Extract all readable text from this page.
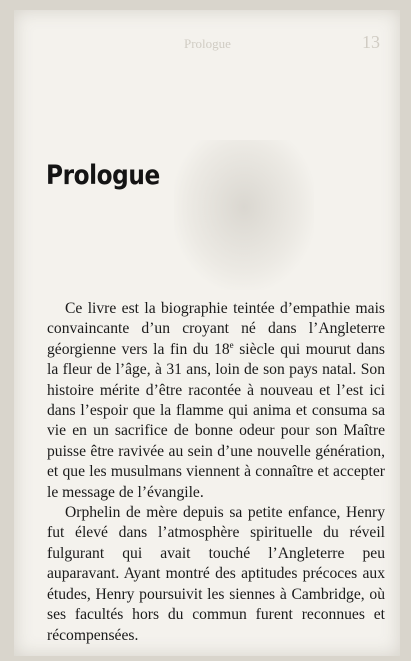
Prologue	13
Prologue

Ce livre est la biographie teintée d’empathie mais convaincante d’un croyant né dans l’Angleterre géorgienne vers la fin du 18e siècle qui mourut dans la fleur de l’âge, à 31 ans, loin de son pays natal. Son histoire mérite d’être racontée à nouveau et l’est ici dans l’espoir que la flamme qui anima et consuma sa vie en un sacrifice de bonne odeur pour son Maître puisse être ravivée au sein d’une nouvelle génération, et que les musulmans viennent à connaître et accepter le message de l’évangile.

Orphelin de mère depuis sa petite enfance, Henry fut élevé dans l’atmosphère spirituelle du réveil fulgurant qui avait touché l’Angleterre peu auparavant. Ayant montré des aptitudes précoces aux études, Henry poursuivit les siennes à Cambridge, où ses facultés hors du commun furent reconnues et récompensées.
